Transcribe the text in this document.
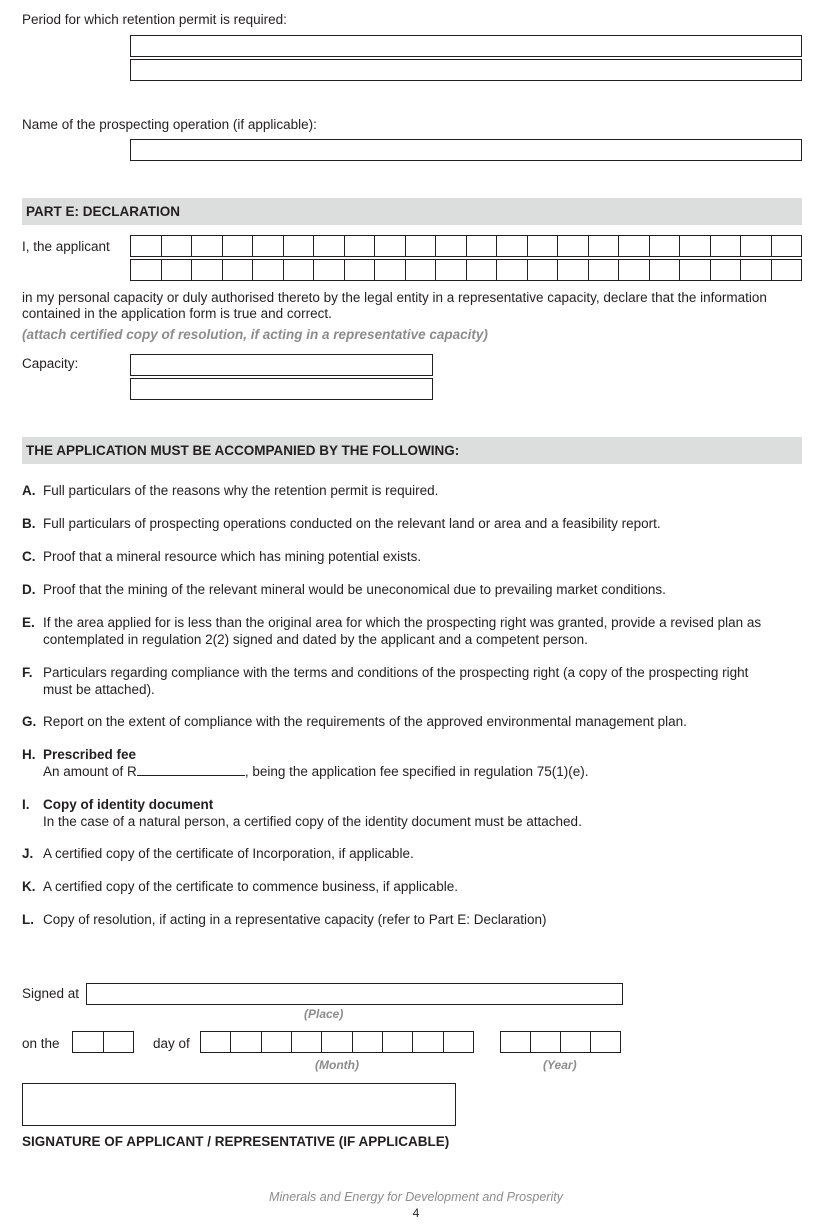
Period for which retention permit is required:
Name of the prospecting operation (if applicable):
PART E: DECLARATION
I, the applicant
in my personal capacity or duly authorised thereto by the legal entity in a representative capacity, declare that the information
contained in the application form is true and correct.
(attach certified copy of resolution, if acting in a representative capacity)
Capacity:
THE APPLICATION MUST BE ACCOMPANIED BY THE FOLLOWING:
A. Full particulars of the reasons why the retention permit is required.
B. Full particulars of prospecting operations conducted on the relevant land or area and a feasibility report.
C. Proof that a mineral resource which has mining potential exists.
D. Proof that the mining of the relevant mineral would be uneconomical due to prevailing market conditions.
E. If the area applied for is less than the original area for which the prospecting right was granted, provide a revised plan as
contemplated in regulation 2(2) signed and dated by the applicant and a competent person.
F. Particulars regarding compliance with the terms and conditions of the prospecting right (a copy of the prospecting right
must be attached).
G. Report on the extent of compliance with the requirements of the approved environmental management plan.
H. Prescribed fee
An amount of R	, being the application fee specified in regulation 75(1)(e).
I. Copy of identity document
In the case of a natural person, a certified copy of the identity document must be attached.
J. A certified copy of the certificate of Incorporation, if applicable.
K. A certified copy of the certificate to commence business, if applicable.
L. Copy of resolution, if acting in a representative capacity (refer to Part E: Declaration)
Signed at
(Place)
on the	day of
(Month)	(Year)
SIGNATURE OF APPLICANT / REPRESENTATIVE (IF APPLICABLE)
Minerals and Energy for Development and Prosperity
4
